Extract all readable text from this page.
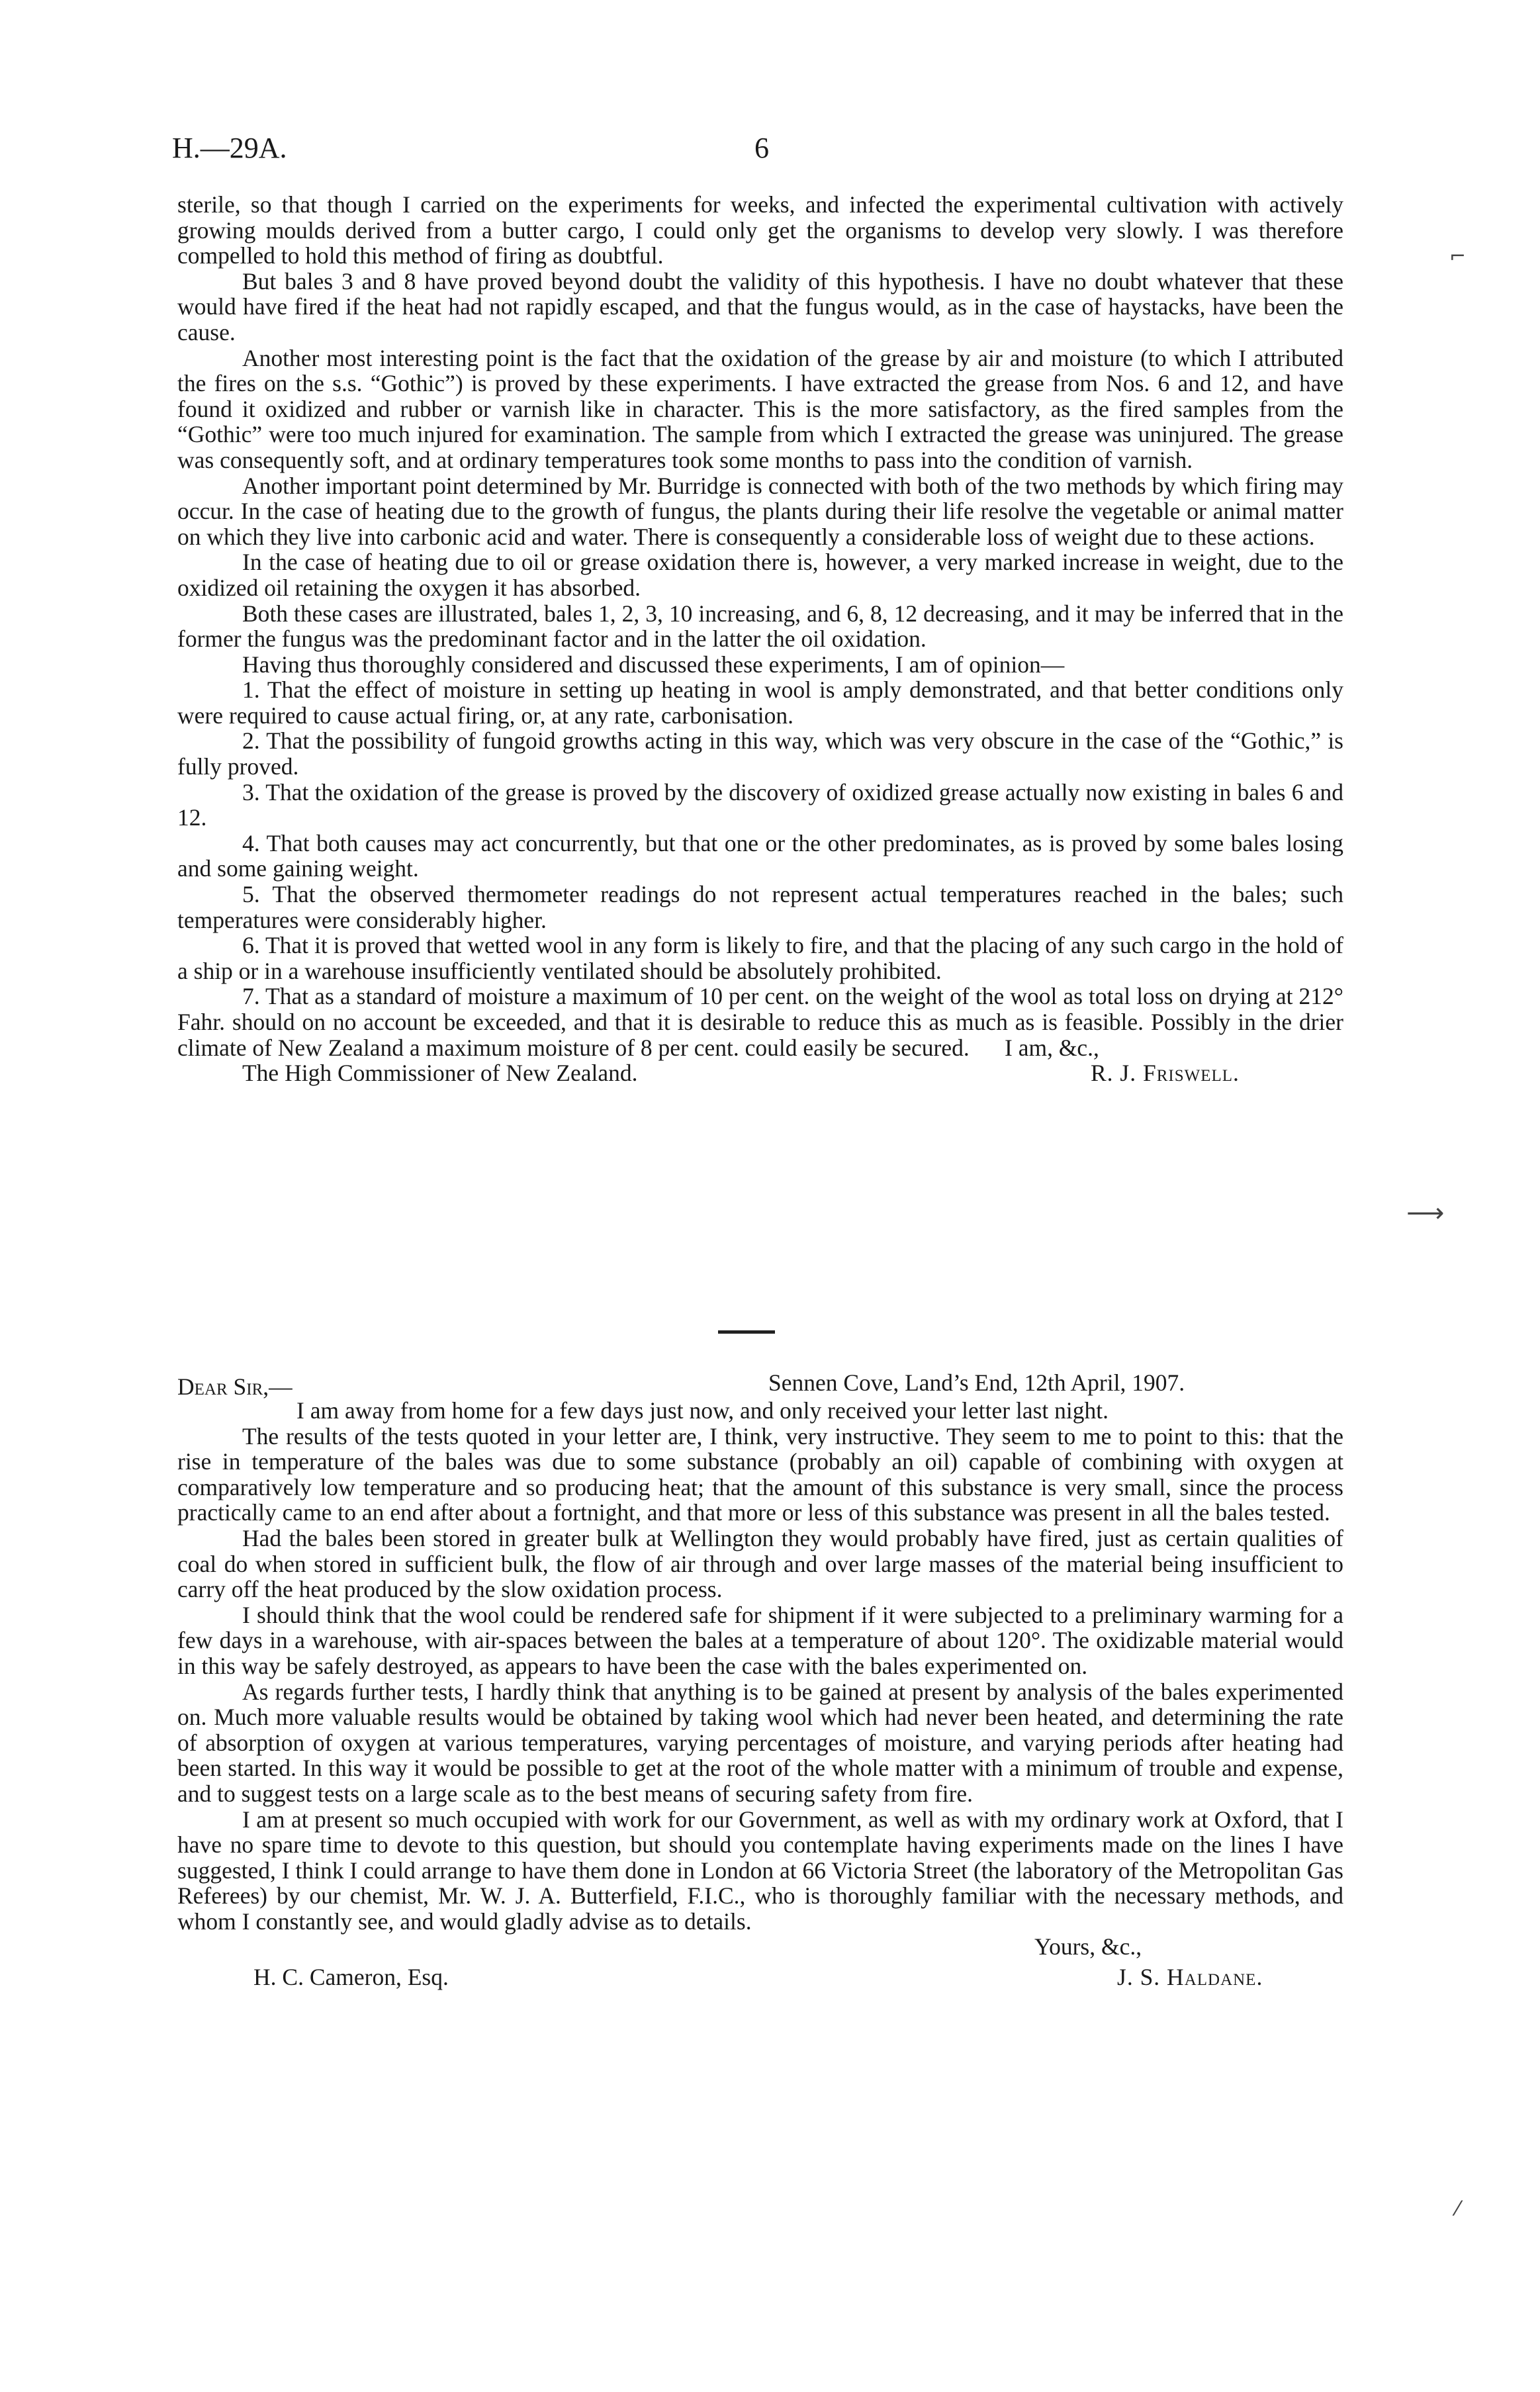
H.—29A.	6

sterile, so that though I carried on the experiments for weeks, and infected the experimental cultivation with actively growing moulds derived from a butter cargo, I could only get the organisms to develop very slowly. I was therefore compelled to hold this method of firing as doubtful.

But bales 3 and 8 have proved beyond doubt the validity of this hypothesis. I have no doubt whatever that these would have fired if the heat had not rapidly escaped, and that the fungus would, as in the case of haystacks, have been the cause.

Another most interesting point is the fact that the oxidation of the grease by air and moisture (to which I attributed the fires on the s.s. “Gothic”) is proved by these experiments. I have extracted the grease from Nos. 6 and 12, and have found it oxidized and rubber or varnish like in character. This is the more satisfactory, as the fired samples from the “Gothic” were too much injured for examination. The sample from which I extracted the grease was uninjured. The grease was consequently soft, and at ordinary temperatures took some months to pass into the condition of varnish.

Another important point determined by Mr. Burridge is connected with both of the two methods by which firing may occur. In the case of heating due to the growth of fungus, the plants during their life resolve the vegetable or animal matter on which they live into carbonic acid and water. There is consequently a considerable loss of weight due to these actions.

In the case of heating due to oil or grease oxidation there is, however, a very marked increase in weight, due to the oxidized oil retaining the oxygen it has absorbed.

Both these cases are illustrated, bales 1, 2, 3, 10 increasing, and 6, 8, 12 decreasing, and it may be inferred that in the former the fungus was the predominant factor and in the latter the oil oxidation.

Having thus thoroughly considered and discussed these experiments, I am of opinion—

1. That the effect of moisture in setting up heating in wool is amply demonstrated, and that better conditions only were required to cause actual firing, or, at any rate, carbonisation.

2. That the possibility of fungoid growths acting in this way, which was very obscure in the case of the “Gothic,” is fully proved.

3. That the oxidation of the grease is proved by the discovery of oxidized grease actually now existing in bales 6 and 12.

4. That both causes may act concurrently, but that one or the other predominates, as is proved by some bales losing and some gaining weight.

5. That the observed thermometer readings do not represent actual temperatures reached in the bales; such temperatures were considerably higher.

6. That it is proved that wetted wool in any form is likely to fire, and that the placing of any such cargo in the hold of a ship or in a warehouse insufficiently ventilated should be absolutely prohibited.

7. That as a standard of moisture a maximum of 10 per cent. on the weight of the wool as total loss on drying at 212° Fahr. should on no account be exceeded, and that it is desirable to reduce this as much as is feasible. Possibly in the drier climate of New Zealand a maximum moisture of 8 per cent. could easily be secured.

The High Commissioner of New Zealand.
I am, &c.,
R. J. Friswell.
Dear Sir,—	Sennen Cove, Land’s End, 12th April, 1907.

I am away from home for a few days just now, and only received your letter last night.

The results of the tests quoted in your letter are, I think, very instructive. They seem to me to point to this: that the rise in temperature of the bales was due to some substance (probably an oil) capable of combining with oxygen at comparatively low temperature and so producing heat; that the amount of this substance is very small, since the process practically came to an end after about a fortnight, and that more or less of this substance was present in all the bales tested.

Had the bales been stored in greater bulk at Wellington they would probably have fired, just as certain qualities of coal do when stored in sufficient bulk, the flow of air through and over large masses of the material being insufficient to carry off the heat produced by the slow oxidation process.

I should think that the wool could be rendered safe for shipment if it were subjected to a preliminary warming for a few days in a warehouse, with air-spaces between the bales at a temperature of about 120°. The oxidizable material would in this way be safely destroyed, as appears to have been the case with the bales experimented on.

As regards further tests, I hardly think that anything is to be gained at present by analysis of the bales experimented on. Much more valuable results would be obtained by taking wool which had never been heated, and determining the rate of absorption of oxygen at various temperatures, varying percentages of moisture, and varying periods after heating had been started. In this way it would be possible to get at the root of the whole matter with a minimum of trouble and expense, and to suggest tests on a large scale as to the best means of securing safety from fire.

I am at present so much occupied with work for our Government, as well as with my ordinary work at Oxford, that I have no spare time to devote to this question, but should you contemplate having experiments made on the lines I have suggested, I think I could arrange to have them done in London at 66 Victoria Street (the laboratory of the Metropolitan Gas Referees) by our chemist, Mr. W. J. A. Butterfield, F.I.C., who is thoroughly familiar with the necessary methods, and whom I constantly see, and would gladly advise as to details.

Yours, &c.,
H. C. Cameron, Esq.	J. S. Haldane.
⌐
⟶
⁄
